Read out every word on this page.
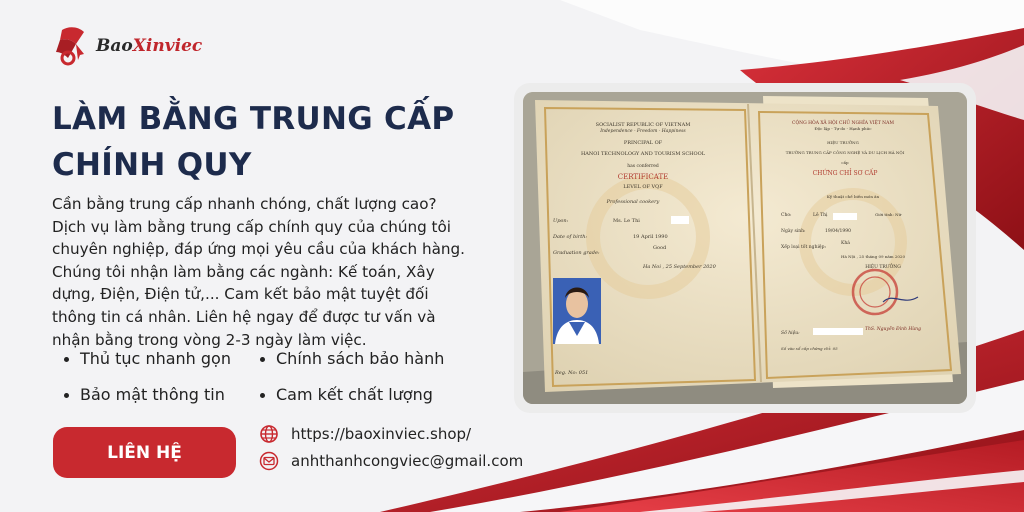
BaoXinviec
LÀM BẰNG TRUNG CẤP
CHÍNH QUY

Cần bằng trung cấp nhanh chóng, chất lượng cao? Dịch vụ làm bằng trung cấp chính quy của chúng tôi chuyên nghiệp, đáp ứng mọi yêu cầu của khách hàng. Chúng tôi nhận làm bằng các ngành: Kế toán, Xây dựng, Điện, Điện tử,... Cam kết bảo mật tuyệt đối thông tin cá nhân. Liên hệ ngay để được tư vấn và nhận bằng trong vòng 2-3 ngày làm việc.

Thủ tục nhanh gọn	Chính sách bảo hành
Bảo mật thông tin	Cam kết chất lượng
LIÊN HỆ
https://baoxinviec.shop/
anhthanhcongviec@gmail.com
SOCIALIST REPUBLIC OF VIETNAM
Independence - Freedom - Happiness
PRINCIPAL OF
HANOI TECHNOLOGY AND TOURISM SCHOOL
has conferred
CERTIFICATE
LEVEL OF VQF
Professional cookery
Upon:	Ms. Le Thi
Date of birth:	19 April 1990
Graduation grade:
Good
Ha Noi , 25 September 2020
Reg. No: 051
CỘNG HÒA XÃ HỘI CHỦ NGHĨA VIỆT NAM
Độc lập - Tự do - Hạnh phúc
HIỆU TRƯỞNG
TRƯỜNG TRUNG CẤP CÔNG NGHỆ VÀ DU LỊCH HÀ NỘI
cấp
CHỨNG CHỈ SƠ CẤP
Kỹ thuật chế biến món ăn
Cho:	Lê Thị	Giới tính: Nữ
Ngày sinh:	19/04/1990
Xếp loại tốt nghiệp:
Khá
Hà Nội , 25 tháng 09 năm 2020
HIỆU TRƯỞNG
ThS. Nguyễn Đình Hùng
Số hiệu:
Số vào sổ cấp chứng chỉ: 05
